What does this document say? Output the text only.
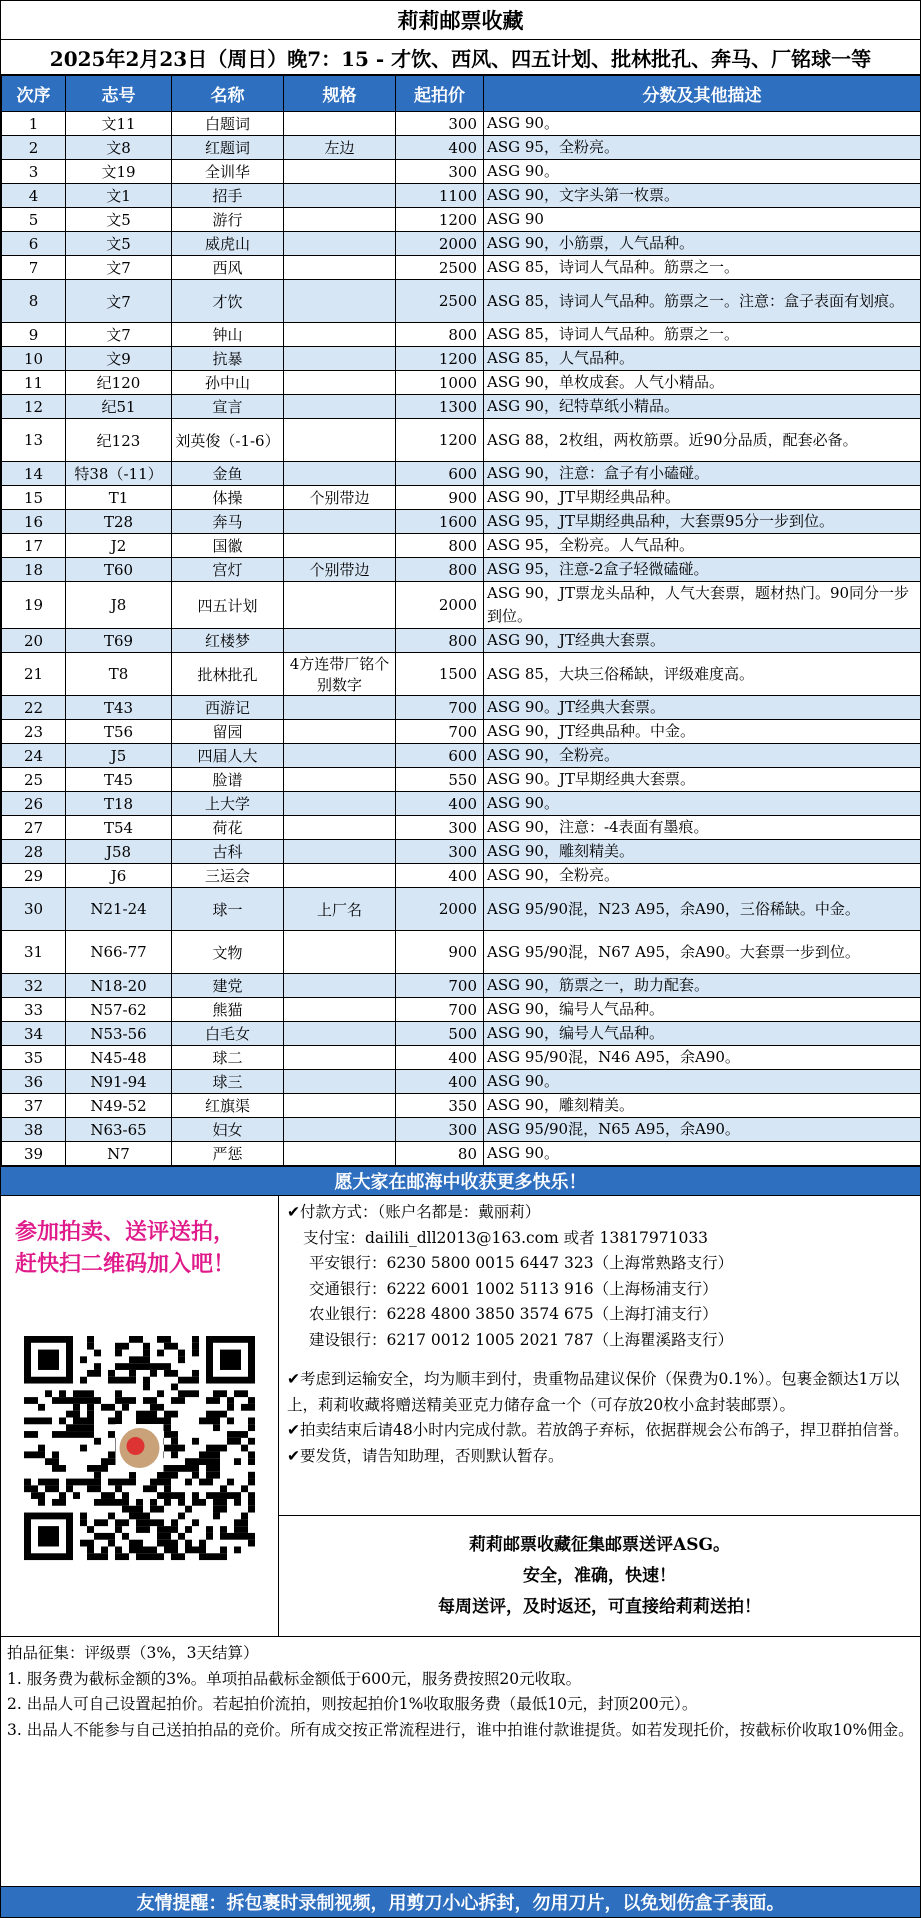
莉莉邮票收藏
2025年2月23日（周日）晚7：15 - 才饮、西风、四五计划、批林批孔、奔马、厂铭球一等
次序	志号	名称	规格	起拍价	分数及其他描述
1	文11	白题词		300	ASG 90。
2	文8	红题词	左边	400	ASG 95，全粉亮。
3	文19	全训华		300	ASG 90。
4	文1	招手		1100	ASG 90，文字头第一枚票。
5	文5	游行		1200	ASG 90
6	文5	威虎山		2000	ASG 90，小筋票，人气品种。
7	文7	西风		2500	ASG 85，诗词人气品种。筋票之一。
8	文7	才饮		2500	ASG 85，诗词人气品种。筋票之一。注意：盒子表面有划痕。
9	文7	钟山		800	ASG 85，诗词人气品种。筋票之一。
10	文9	抗暴		1200	ASG 85，人气品种。
11	纪120	孙中山		1000	ASG 90，单枚成套。人气小精品。
12	纪51	宣言		1300	ASG 90，纪特草纸小精品。
13	纪123	刘英俊（-1-6）		1200	ASG 88，2枚组，两枚筋票。近90分品质，配套必备。
14	特38（-11）	金鱼		600	ASG 90，注意：盒子有小磕碰。
15	T1	体操	个别带边	900	ASG 90，JT早期经典品种。
16	T28	奔马		1600	ASG 95，JT早期经典品种，大套票95分一步到位。
17	J2	国徽		800	ASG 95，全粉亮。人气品种。
18	T60	宫灯	个别带边	800	ASG 95，注意-2盒子轻微磕碰。
19	J8	四五计划		2000	ASG 90，JT票龙头品种，人气大套票，题材热门。90同分一步到位。
20	T69	红楼梦		800	ASG 90，JT经典大套票。
21	T8	批林批孔	4方连带厂铭个别数字	1500	ASG 85，大块三俗稀缺，评级难度高。
22	T43	西游记		700	ASG 90。JT经典大套票。
23	T56	留园		700	ASG 90，JT经典品种。中金。
24	J5	四届人大		600	ASG 90，全粉亮。
25	T45	脸谱		550	ASG 90。JT早期经典大套票。
26	T18	上大学		400	ASG 90。
27	T54	荷花		300	ASG 90，注意：-4表面有墨痕。
28	J58	古科		300	ASG 90，雕刻精美。
29	J6	三运会		400	ASG 90，全粉亮。
30	N21-24	球一	上厂名	2000	ASG 95/90混，N23 A95，余A90，三俗稀缺。中金。
31	N66-77	文物		900	ASG 95/90混，N67 A95，余A90。大套票一步到位。
32	N18-20	建党		700	ASG 90，筋票之一，助力配套。
33	N57-62	熊猫		700	ASG 90，编号人气品种。
34	N53-56	白毛女		500	ASG 90，编号人气品种。
35	N45-48	球二		400	ASG 95/90混，N46 A95，余A90。
36	N91-94	球三		400	ASG 90。
37	N49-52	红旗渠		350	ASG 90，雕刻精美。
38	N63-65	妇女		300	ASG 95/90混，N65 A95，余A90。
39	N7	严惩		80	ASG 90。
愿大家在邮海中收获更多快乐！
参加拍卖、送评送拍，
赶快扫二维码加入吧！
✔付款方式：（账户名都是：戴丽莉）
支付宝：dailili_dll2013@163.com 或者 13817971033
平安银行：6230 5800 0015 6447 323（上海常熟路支行）
交通银行：6222 6001 1002 5113 916（上海杨浦支行）
农业银行：6228 4800 3850 3574 675（上海打浦支行）
建设银行：6217 0012 1005 2021 787（上海瞿溪路支行）
✔考虑到运输安全，均为顺丰到付，贵重物品建议保价（保费为0.1%）。包裹金额达1万以上，莉莉收藏将赠送精美亚克力储存盒一个（可存放20枚小盒封装邮票）。
✔拍卖结束后请48小时内完成付款。若放鸽子弃标，依据群规会公布鸽子，捍卫群拍信誉。
✔要发货，请告知助理，否则默认暂存。
莉莉邮票收藏征集邮票送评ASG。
安全，准确，快速！
每周送评，及时返还，可直接给莉莉送拍！
拍品征集：评级票（3%，3天结算）
1. 服务费为截标金额的3%。单项拍品截标金额低于600元，服务费按照20元收取。
2. 出品人可自己设置起拍价。若起拍价流拍，则按起拍价1%收取服务费（最低10元，封顶200元）。
3. 出品人不能参与自己送拍拍品的竞价。所有成交按正常流程进行，谁中拍谁付款谁提货。如若发现托价，按截标价收取10%佣金。
友情提醒：拆包裹时录制视频，用剪刀小心拆封，勿用刀片，以免划伤盒子表面。
